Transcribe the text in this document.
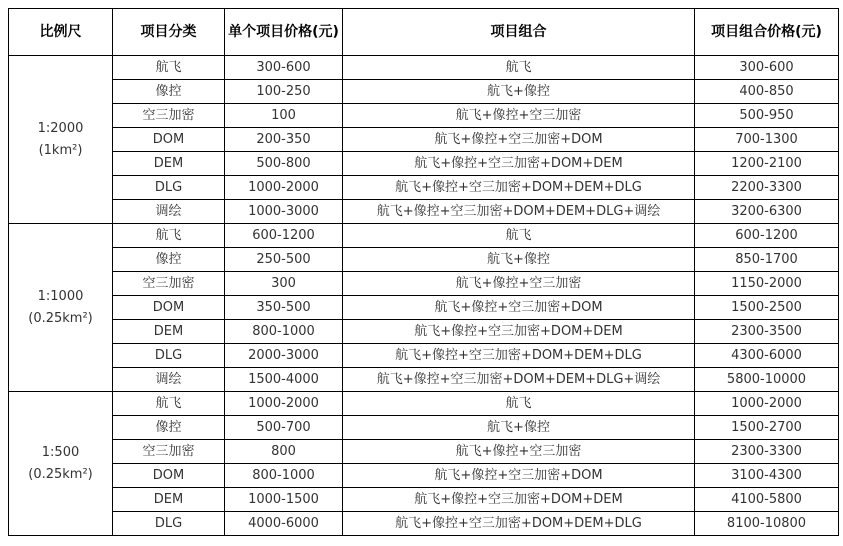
比例尺	项目分类	单个项目价格(元)	项目组合	项目组合价格(元)

1:2000
(1km²)	航飞	300-600	航飞	300-600
	像控	100-250	航飞+像控	400-850
	空三加密	100	航飞+像控+空三加密	500-950
	DOM	200-350	航飞+像控+空三加密+DOM	700-1300
	DEM	500-800	航飞+像控+空三加密+DOM+DEM	1200-2100
	DLG	1000-2000	航飞+像控+空三加密+DOM+DEM+DLG	2200-3300
	调绘	1000-3000	航飞+像控+空三加密+DOM+DEM+DLG+调绘	3200-6300

1:1000
(0.25km²)	航飞	600-1200	航飞	600-1200
	像控	250-500	航飞+像控	850-1700
	空三加密	300	航飞+像控+空三加密	1150-2000
	DOM	350-500	航飞+像控+空三加密+DOM	1500-2500
	DEM	800-1000	航飞+像控+空三加密+DOM+DEM	2300-3500
	DLG	2000-3000	航飞+像控+空三加密+DOM+DEM+DLG	4300-6000
	调绘	1500-4000	航飞+像控+空三加密+DOM+DEM+DLG+调绘	5800-10000

1:500
(0.25km²)	航飞	1000-2000	航飞	1000-2000
	像控	500-700	航飞+像控	1500-2700
	空三加密	800	航飞+像控+空三加密	2300-3300
	DOM	800-1000	航飞+像控+空三加密+DOM	3100-4300
	DEM	1000-1500	航飞+像控+空三加密+DOM+DEM	4100-5800
	DLG	4000-6000	航飞+像控+空三加密+DOM+DEM+DLG	8100-10800
